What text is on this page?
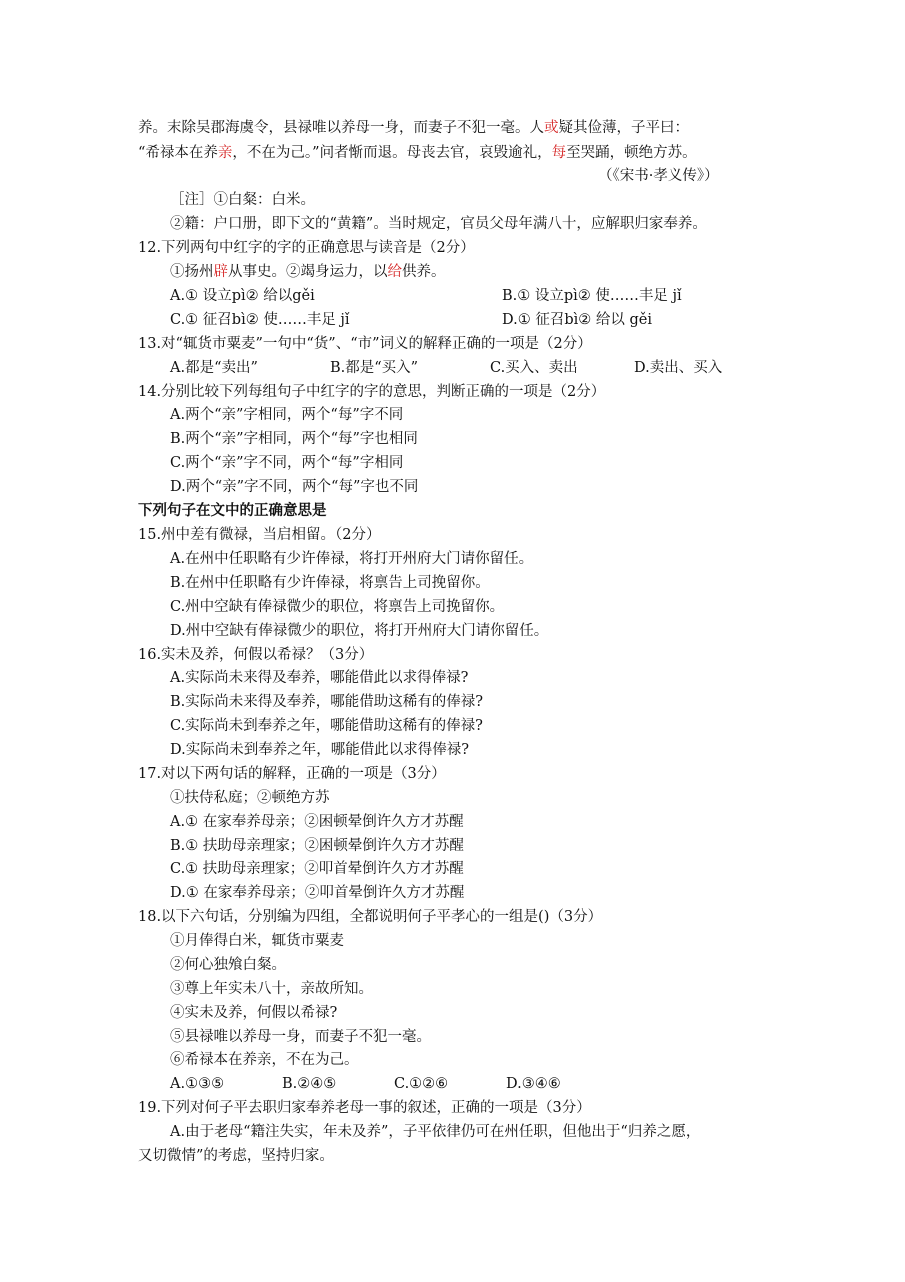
养。末除吴郡海虞令，县禄唯以养母一身，而妻子不犯一毫。人或疑其俭薄，子平曰：
“希禄本在养亲，不在为己。”问者惭而退。母丧去官，哀毁逾礼，每至哭踊，顿绝方苏。
（《宋书·孝义传》）
［注］①白粲：白米。
②籍：户口册，即下文的“黄籍”。当时规定，官员父母年满八十，应解职归家奉养。
12.下列两句中红字的字的正确意思与读音是（2分）
①扬州辟从事史。②竭身运力，以给供养。
A.① 设立pì② 给以gěi	B.① 设立pì② 使……丰足 jǐ
C.① 征召bì② 使……丰足 jǐ	D.① 征召bì② 给以 gěi
13.对“辄货市粟麦”一句中“货”、“市”词义的解释正确的一项是（2分）
A.都是“卖出”	B.都是“买入”	C.买入、卖出	D.卖出、买入
14.分别比较下列每组句子中红字的字的意思，判断正确的一项是（2分）
A.两个“亲”字相同，两个“每”字不同
B.两个“亲”字相同，两个“每”字也相同
C.两个“亲”字不同，两个“每”字相同
D.两个“亲”字不同，两个“每”字也不同
下列句子在文中的正确意思是
15.州中差有微禄，当启相留。（2分）
A.在州中任职略有少许俸禄，将打开州府大门请你留任。
B.在州中任职略有少许俸禄，将禀告上司挽留你。
C.州中空缺有俸禄微少的职位，将禀告上司挽留你。
D.州中空缺有俸禄微少的职位，将打开州府大门请你留任。
16.实未及养，何假以希禄？（3分）
A.实际尚未来得及奉养，哪能借此以求得俸禄?
B.实际尚未来得及奉养，哪能借助这稀有的俸禄?
C.实际尚未到奉养之年，哪能借助这稀有的俸禄?
D.实际尚未到奉养之年，哪能借此以求得俸禄?
17.对以下两句话的解释，正确的一项是（3分）
①扶侍私庭；②顿绝方苏
A.① 在家奉养母亲；②困顿晕倒许久方才苏醒
B.① 扶助母亲理家；②困顿晕倒许久方才苏醒
C.① 扶助母亲理家；②叩首晕倒许久方才苏醒
D.① 在家奉养母亲；②叩首晕倒许久方才苏醒
18.以下六句话，分别编为四组，全都说明何子平孝心的一组是()（3分）
①月俸得白米，辄货市粟麦
②何心独飧白粲。
③尊上年实未八十，亲故所知。
④实未及养，何假以希禄?
⑤县禄唯以养母一身，而妻子不犯一毫。
⑥希禄本在养亲，不在为己。
A.①③⑤	B.②④⑤	C.①②⑥	D.③④⑥
19.下列对何子平去职归家奉养老母一事的叙述，正确的一项是（3分）
A.由于老母“籍注失实，年未及养”，子平依律仍可在州任职，但他出于“归养之愿，
又切微情”的考虑，坚持归家。
